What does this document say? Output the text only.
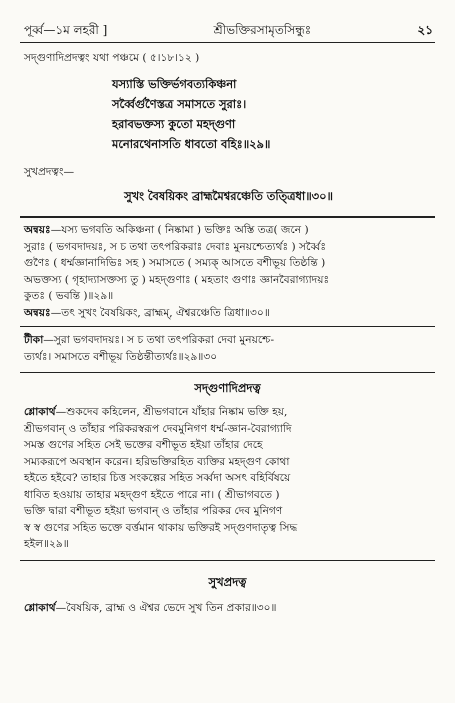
পূর্ব্ব—১ম লহরী ]	শ্রীভক্তিরসামৃতসিন্ধুঃ	২১

সদ্গুণাদিপ্রদত্বং যথা পঞ্চমে ( ৫।১৮।১২ )

যস্যাস্তি ভক্তির্ভগবত্যকিঞ্চনা
সর্ব্বৈর্গুণৈস্তত্র সমাসতে সুরাঃ।
হরাবভক্তস্য কুতো মহদ্গুণা
মনোরথেনাসতি ধাবতো বহিঃ॥২৯॥

সুখপ্রদত্বং—

সুখং বৈষয়িকং ব্রাহ্মমৈশ্বরঞ্চেতি তত্ত্রিধা॥৩০॥

অন্বয়ঃ—যস্য ভগবতি অকিঞ্চনা ( নিষ্কামা ) ভক্তিঃ অস্তি তত্র( জনে )

সুরাঃ ( ভগবদাদয়ঃ, স চ তথা তৎপরিকরাঃ দেবাঃ মুনয়শ্চেত্যর্থঃ ) সর্ব্বৈঃ

গুণৈঃ ( ধর্ম্মজ্ঞানাদিভিঃ সহ ) সমাসতে ( সম্যক্ আসতে বশীভূয় তিষ্ঠন্তি )

অভক্তস্য ( গৃহাদ্যাসক্তস্য তু ) মহদ্গুণাঃ ( মহতাং গুণাঃ জ্ঞানবৈরাগ্যাদয়ঃ

কুতঃ ( ভবন্তি )॥২৯॥

অন্বয়ঃ—তৎ সুখং বৈষয়িকং, ব্রাহ্মম্, ঐশ্বরঞ্চেতি ত্রিধা॥৩০॥

টীকা—সুরা ভগবদাদয়ঃ। স চ তথা তৎপরিকরা দেবা মুনয়শ্চে-

ত্যর্থঃ। সমাসতে বশীভূয় তিষ্ঠন্তীত্যর্থঃ॥২৯॥৩০

সদ্গুণাদিপ্রদত্ব

শ্লোকার্থ—শুকদেব কহিলেন, শ্রীভগবানে যাঁহার নিষ্কাম ভক্তি হয়,

শ্রীভগবান্ ও তাঁহার পরিকরস্বরূপ দেবমুনিগণ ধর্ম্ম-জ্ঞান-বৈরাগ্যাদি

সমস্ত গুণের সহিত সেই ভক্তের বশীভূত হইয়া তাঁহার দেহে

সম্যকরূপে অবস্থান করেন। হরিভক্তিরহিত ব্যক্তির মহদ্গুণ কোথা

হইতে হইবে? তাহার চিত্ত সংকল্পের সহিত সর্ব্বদা অসৎ বহির্বিষয়ে

ধাবিত হওয়ায় তাহার মহদ্গুণ হইতে পারে না। ( শ্রীভাগবতে )

ভক্তি দ্বারা বশীভূত হইয়া ভগবান্ ও তাঁহার পরিকর দেব মুনিগণ

স্ব স্ব গুণের সহিত ভক্তে বর্ত্তমান থাকায় ভক্তিরই সদ্গুণদাতৃত্ব সিদ্ধ

হইল॥২৯॥

সুখপ্রদত্ব

শ্লোকার্থ—বৈষয়িক, ব্রাহ্ম ও ঐশ্বর ভেদে সুখ তিন প্রকার॥৩০॥
